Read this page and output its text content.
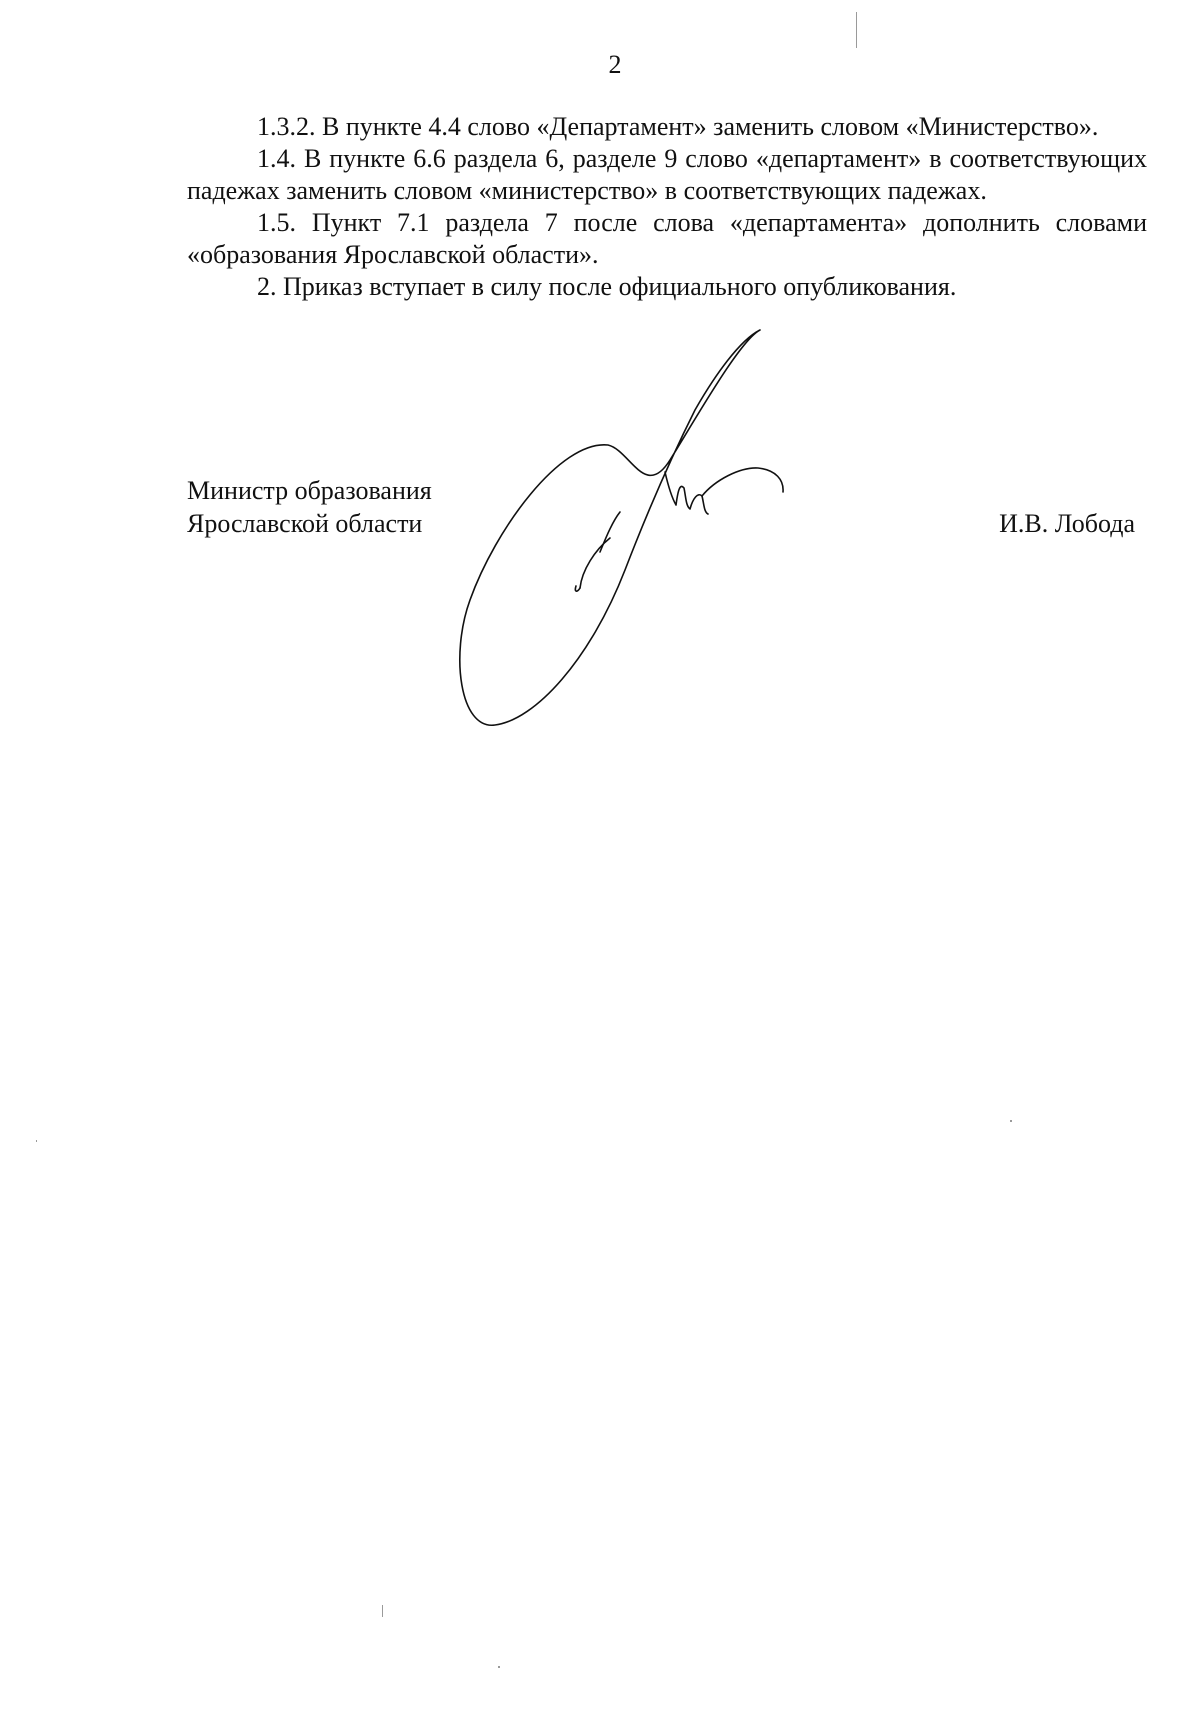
2

1.3.2. В пункте 4.4 слово «Департамент» заменить словом «Министерство».

1.4. В пункте 6.6 раздела 6, разделе 9 слово «департамент» в соответствующих падежах заменить словом «министерство» в соответствующих падежах.

1.5. Пункт 7.1 раздела 7 после слова «департамента» дополнить словами «образования Ярославской области».

2. Приказ вступает в силу после официального опубликования.

Министр образования
Ярославской области	И.В. Лобода
